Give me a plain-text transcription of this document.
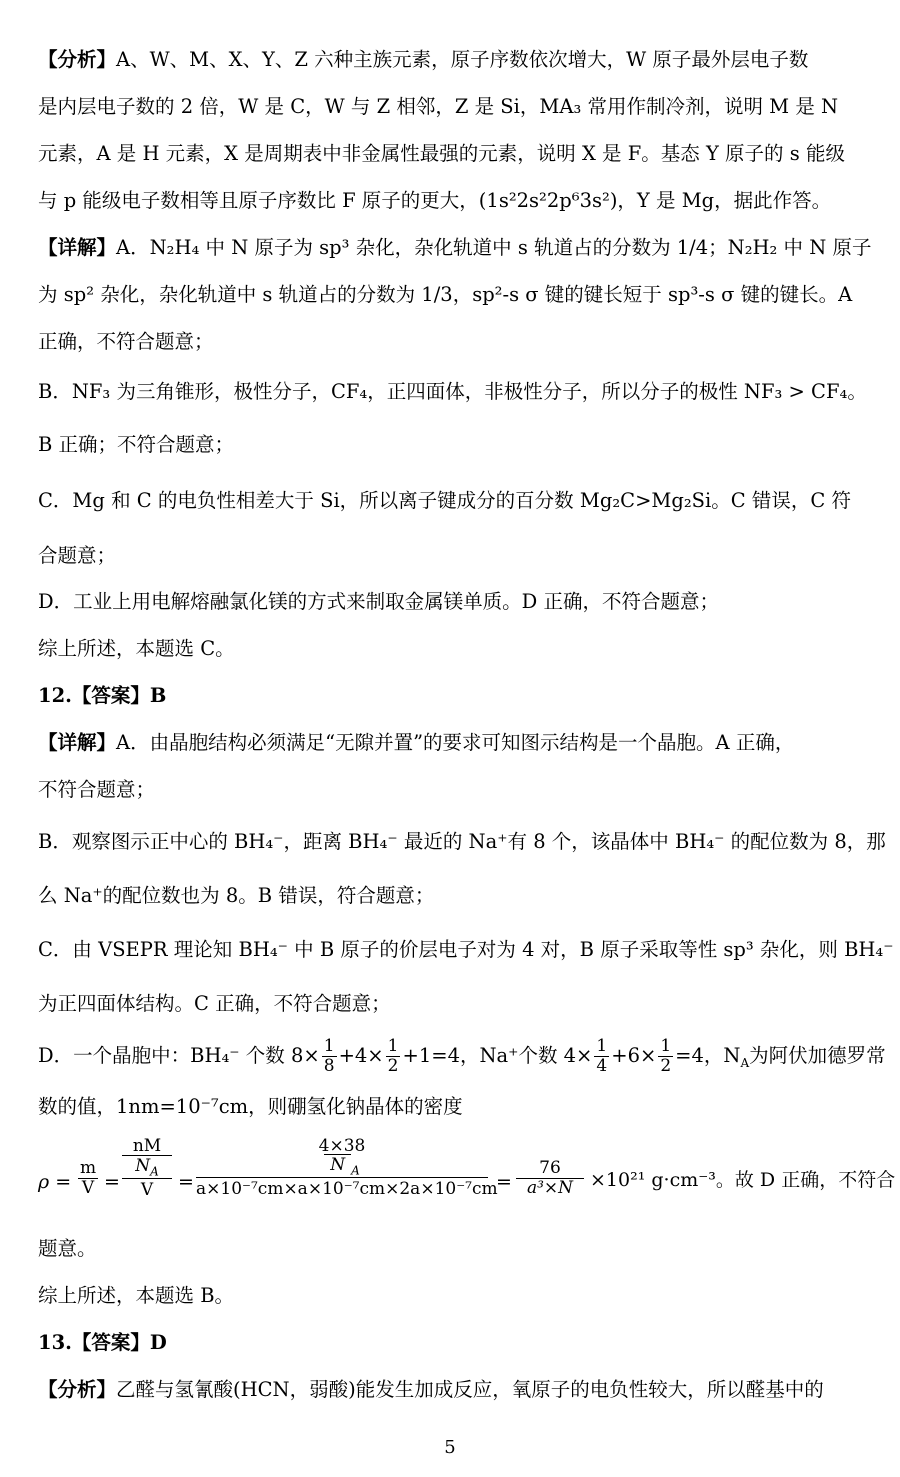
【分析】A、W、M、X、Y、Z 六种主族元素，原子序数依次增大，W 原子最外层电子数
是内层电子数的 2 倍，W 是 C，W 与 Z 相邻，Z 是 Si，MA₃ 常用作制冷剂，说明 M 是 N
元素，A 是 H 元素，X 是周期表中非金属性最强的元素，说明 X 是 F。基态 Y 原子的 s 能级
与 p 能级电子数相等且原子序数比 F 原子的更大，(1s²2s²2p⁶3s²)，Y 是 Mg，据此作答。
【详解】A．N₂H₄ 中 N 原子为 sp³ 杂化，杂化轨道中 s 轨道占的分数为 1/4；N₂H₂ 中 N 原子
为 sp² 杂化，杂化轨道中 s 轨道占的分数为 1/3，sp²-s σ 键的键长短于 sp³-s σ 键的键长。A
正确，不符合题意；
B．NF₃ 为三角锥形，极性分子，CF₄，正四面体，非极性分子，所以分子的极性 NF₃ > CF₄。
B 正确；不符合题意；
C．Mg 和 C 的电负性相差大于 Si，所以离子键成分的百分数 Mg₂C>Mg₂Si。C 错误，C 符
合题意；
D．工业上用电解熔融氯化镁的方式来制取金属镁单质。D 正确，不符合题意；
综上所述，本题选 C。
12.【答案】B
【详解】A．由晶胞结构必须满足“无隙并置”的要求可知图示结构是一个晶胞。A 正确，
不符合题意；
B．观察图示正中心的 BH₄⁻，距离 BH₄⁻ 最近的 Na⁺有 8 个，该晶体中 BH₄⁻ 的配位数为 8，那
么 Na⁺的配位数也为 8。B 错误，符合题意；
C．由 VSEPR 理论知 BH₄⁻ 中 B 原子的价层电子对为 4 对，B 原子采取等性 sp³ 杂化，则 BH₄⁻
为正四面体结构。C 正确，不符合题意；
D．一个晶胞中：BH₄⁻ 个数 $8\times \frac{1}{8} +4\times \frac{1}{2} +1=4$，Na⁺个数 $4\times \frac{1}{4} +6\times \frac{1}{2} =4$，$N_A$为阿伏加德罗常
数的值，1nm=10⁻⁷cm，则硼氢化钠晶体的密度
$\rho = \frac{m}{V}$ =
nM
$N_A$
V	=
4×38
N $_A$
a×10⁻⁷cm×a×10⁻⁷cm×2a×10⁻⁷cm
= $\frac{76}{\text{a³×N}} \times 10^{21}$ g·cm⁻³。故 D 正确，不符合
题意。
综上所述，本题选 B。
13.【答案】D
【分析】乙醛与氢氰酸(HCN，弱酸)能发生加成反应，氧原子的电负性较大，所以醛基中的
5
